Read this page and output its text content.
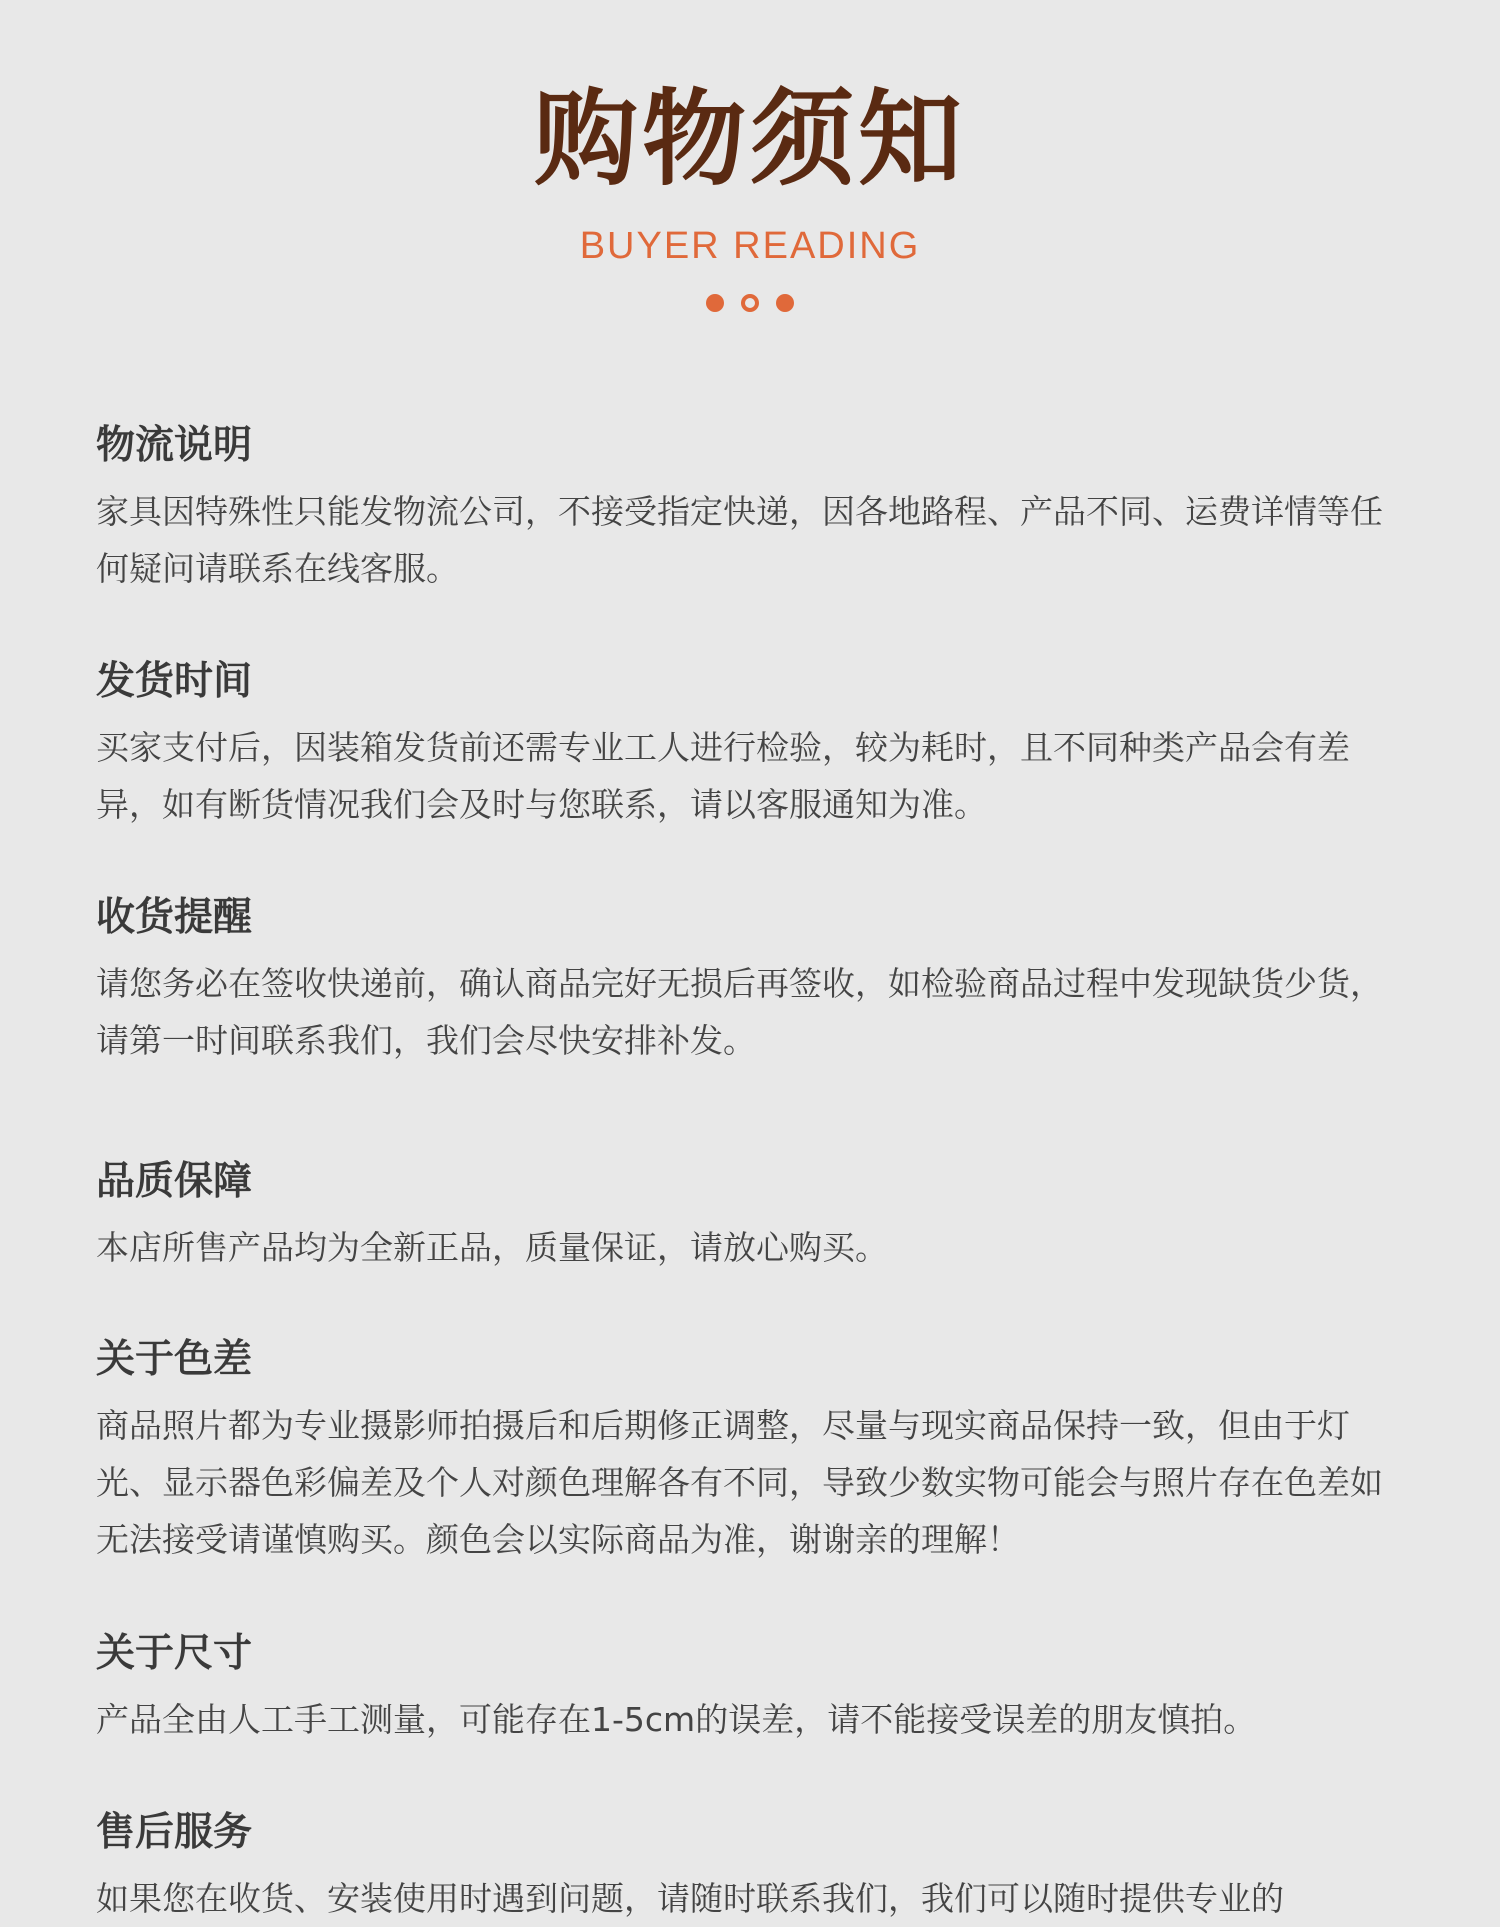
购物须知
BUYER READING
物流说明

家具因特殊性只能发物流公司，不接受指定快递，因各地路程、产品不同、运费详情等任何疑问请联系在线客服。

发货时间

买家支付后，因装箱发货前还需专业工人进行检验，较为耗时，且不同种类产品会有差异，如有断货情况我们会及时与您联系，请以客服通知为准。

收货提醒

请您务必在签收快递前，确认商品完好无损后再签收，如检验商品过程中发现缺货少货，请第一时间联系我们，我们会尽快安排补发。

品质保障

本店所售产品均为全新正品，质量保证，请放心购买。

关于色差

商品照片都为专业摄影师拍摄后和后期修正调整，尽量与现实商品保持一致，但由于灯光、显示器色彩偏差及个人对颜色理解各有不同，导致少数实物可能会与照片存在色差如无法接受请谨慎购买。颜色会以实际商品为准，谢谢亲的理解！

关于尺寸

产品全由人工手工测量，可能存在1-5cm的误差，请不能接受误差的朋友慎拍。

售后服务

如果您在收货、安装使用时遇到问题，请随时联系我们，我们可以随时提供专业的
